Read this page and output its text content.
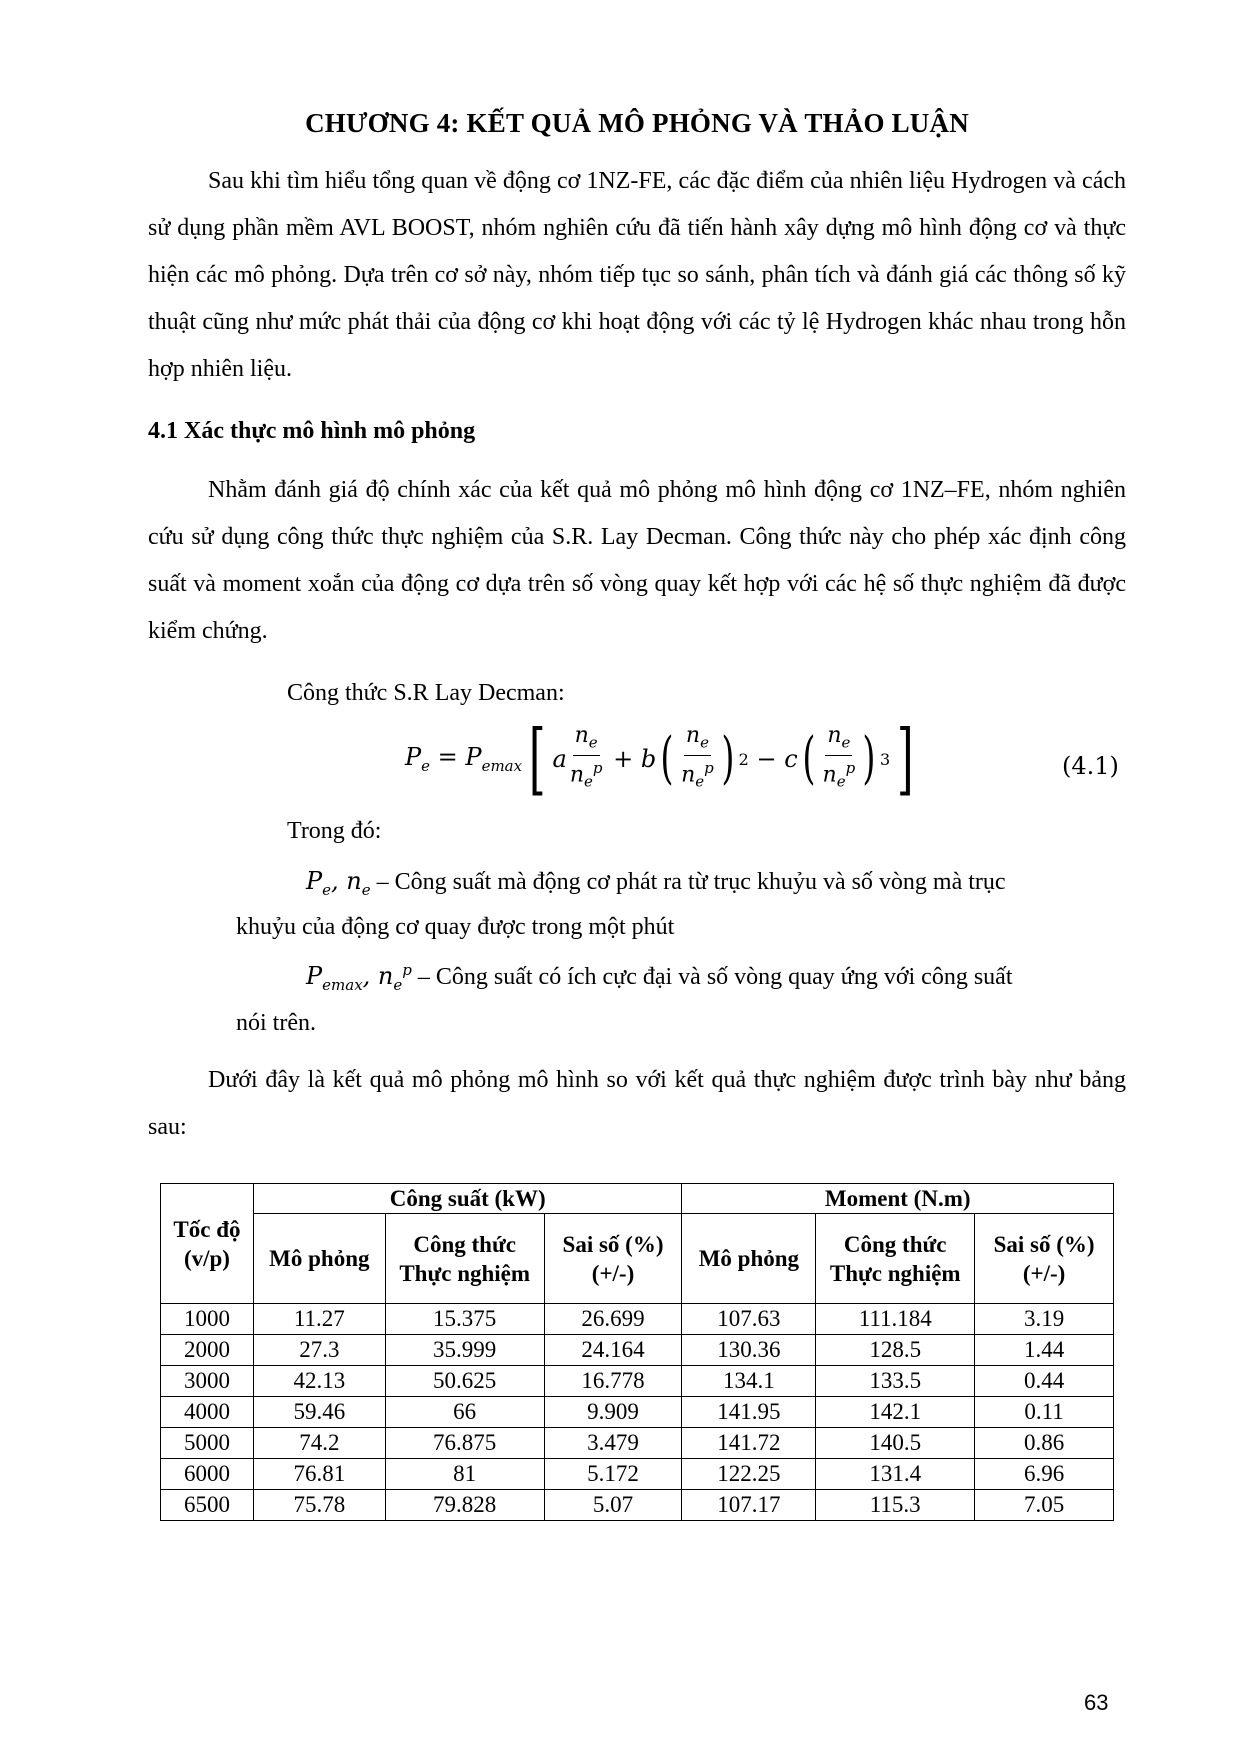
CHƯƠNG 4: KẾT QUẢ MÔ PHỎNG VÀ THẢO LUẬN
Sau khi tìm hiểu tổng quan về động cơ 1NZ-FE, các đặc điểm của nhiên liệu Hydrogen và cách sử dụng phần mềm AVL BOOST, nhóm nghiên cứu đã tiến hành xây dựng mô hình động cơ và thực hiện các mô phỏng. Dựa trên cơ sở này, nhóm tiếp tục so sánh, phân tích và đánh giá các thông số kỹ thuật cũng như mức phát thải của động cơ khi hoạt động với các tỷ lệ Hydrogen khác nhau trong hỗn hợp nhiên liệu.
4.1 Xác thực mô hình mô phỏng
Nhằm đánh giá độ chính xác của kết quả mô phỏng mô hình động cơ 1NZ–FE, nhóm nghiên cứu sử dụng công thức thực nghiệm của S.R. Lay Decman. Công thức này cho phép xác định công suất và moment xoắn của động cơ dựa trên số vòng quay kết hợp với các hệ số thực nghiệm đã được kiểm chứng.
Công thức S.R Lay Decman:
$P_e = P_{emax}$ [ a $\frac{n_e}{n_e^p} + b$ ( $\frac{n_e}{n_e^p}$ ) 2 − c ( $\frac{n_e}{n_e^p}$ ) 3 ]	(4.1)
Trong đó:
$P_e$, $n_e$ – Công suất mà động cơ phát ra từ trục khuỷu và số vòng mà trục
khuỷu của động cơ quay được trong một phút
$P_{emax}$, $n_e^p$ – Công suất có ích cực đại và số vòng quay ứng với công suất
nói trên.
Dưới đây là kết quả mô phỏng mô hình so với kết quả thực nghiệm được trình bày như bảng sau:
Tốc độ (v/p)	Công suất (kW)			Moment (N.m)		
	Mô phỏng	Công thức Thực nghiệm	Sai số (%) (+/-)	Mô phỏng	Công thức Thực nghiệm	Sai số (%) (+/-)
1000	11.27	15.375	26.699	107.63	111.184	3.19
2000	27.3	35.999	24.164	130.36	128.5	1.44
3000	42.13	50.625	16.778	134.1	133.5	0.44
4000	59.46	66	9.909	141.95	142.1	0.11
5000	74.2	76.875	3.479	141.72	140.5	0.86
6000	76.81	81	5.172	122.25	131.4	6.96
6500	75.78	79.828	5.07	107.17	115.3	7.05
63
